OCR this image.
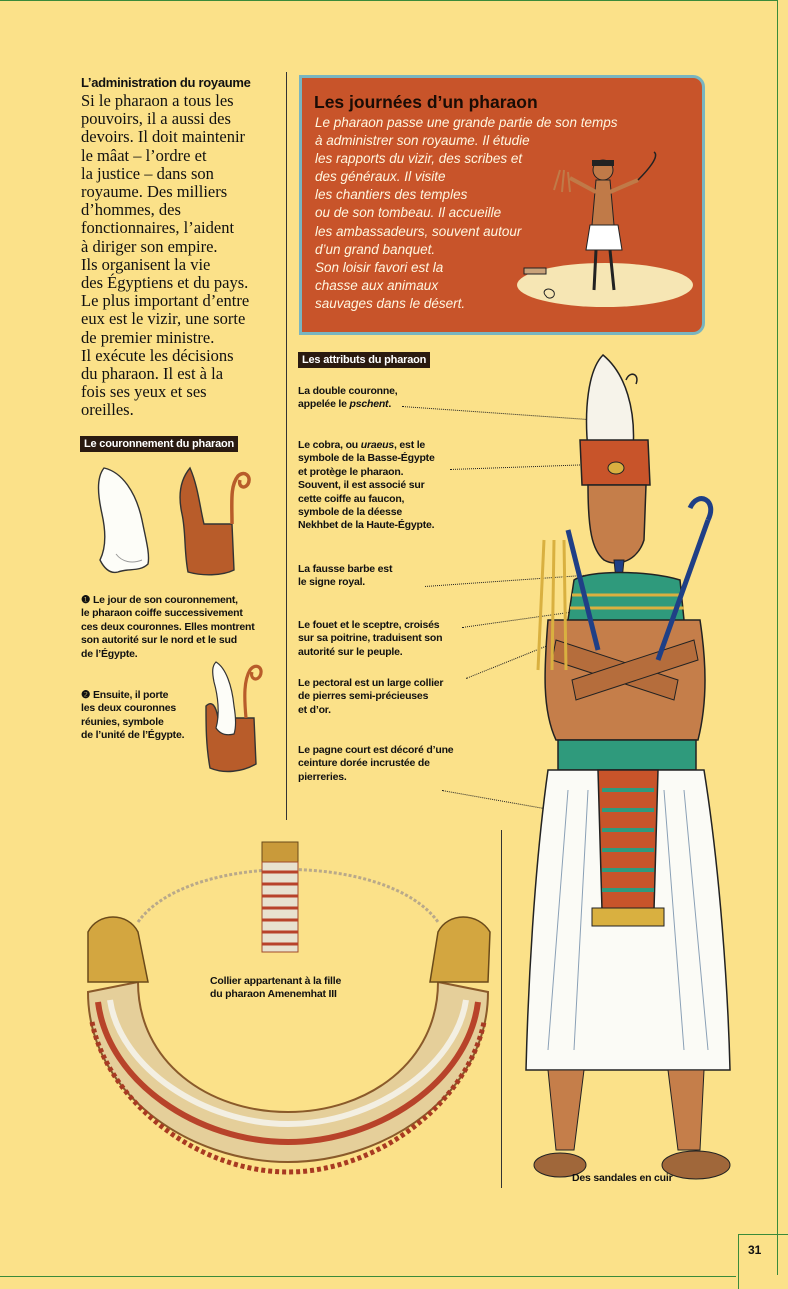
31
L’administration du royaume
Si le pharaon a tous les
pouvoirs, il a aussi des
devoirs. Il doit maintenir
le mâat – l’ordre et
la justice – dans son
royaume. Des milliers
d’hommes, des
fonctionnaires, l’aident
à diriger son empire.
Ils organisent la vie
des Égyptiens et du pays.
Le plus important d’entre
eux est le vizir, une sorte
de premier ministre.
Il exécute les décisions
du pharaon. Il est à la
fois ses yeux et ses
oreilles.
Le couronnement du pharaon
❶ Le jour de son couronnement,
le pharaon coiffe successivement
ces deux couronnes. Elles montrent
son autorité sur le nord et le sud
de l’Égypte.
❷ Ensuite, il porte
les deux couronnes
réunies, symbole
de l’unité de l’Égypte.
Les journées d’un pharaon
Le pharaon passe une grande partie de son temps
à administrer son royaume. Il étudie
les rapports du vizir, des scribes et
des généraux. Il visite
les chantiers des temples
ou de son tombeau. Il accueille
les ambassadeurs, souvent autour
d’un grand banquet.
Son loisir favori est la
chasse aux animaux
sauvages dans le désert.
Les attributs du pharaon
La double couronne,
appelée le pschent.
Le cobra, ou uraeus, est le
symbole de la Basse-Égypte
et protège le pharaon.
Souvent, il est associé sur
cette coiffe au faucon,
symbole de la déesse
Nekhbet de la Haute-Égypte.
La fausse barbe est
le signe royal.
Le fouet et le sceptre, croisés
sur sa poitrine, traduisent son
autorité sur le peuple.
Le pectoral est un large collier
de pierres semi-précieuses
et d’or.
Le pagne court est décoré d’une
ceinture dorée incrustée de
pierreries.
Collier appartenant à la fille
du pharaon Amenemhat III
Des sandales en cuir
